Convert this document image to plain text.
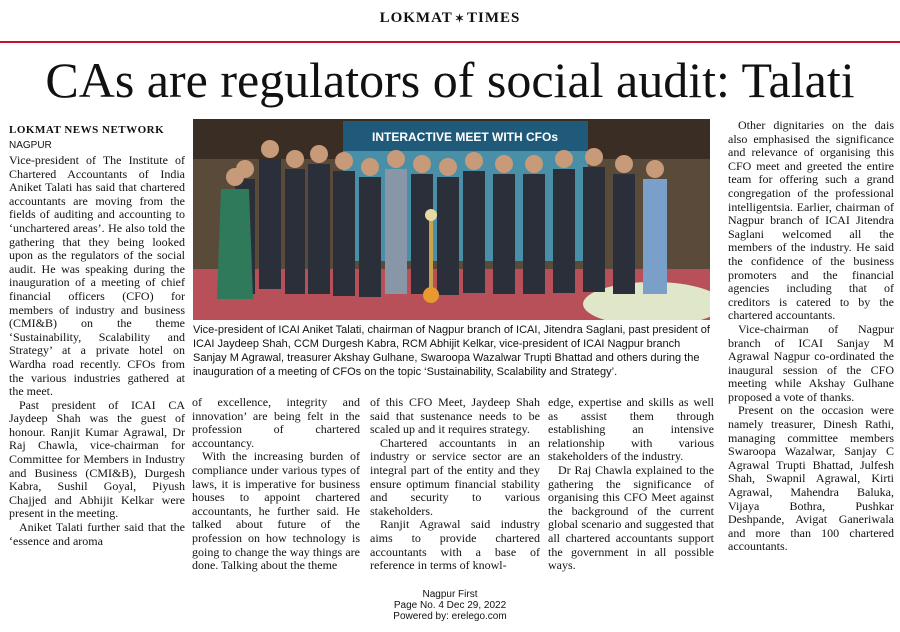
LOKMAT ✶ TIMES
CAs are regulators of social audit: Talati
LOKMAT NEWS NETWORK
NAGPUR

Vice-president of The Institute of Chartered Accountants of India Aniket Talati has said that chartered accountants are moving from the fields of auditing and accounting to ‘unchartered areas’. He also told the gathering that they being looked upon as the regulators of the social audit. He was speaking during the inauguration of a meeting of chief financial officers (CFO) for members of industry and business (CMI&B) on the theme ‘Sustainability, Scalability and Strategy’ at a private hotel on Wardha road recently. CFOs from the various industries gathered at the meet.

Past president of ICAI CA Jaydeep Shah was the guest of honour. Ranjit Kumar Agrawal, Dr Raj Chawla, vice-chairman for Committee for Members in Industry and Business (CMI&B), Durgesh Kabra, Sushil Goyal, Piyush Chajjed and Abhijit Kelkar were present in the meeting.

Aniket Talati further said that the ‘essence and aroma

INTERACTIVE MEET WITH CFOs
Vice-president of ICAI Aniket Talati, chairman of Nagpur branch of ICAI, Jitendra Saglani, past president of ICAI Jaydeep Shah, CCM Durgesh Kabra, RCM Abhijit Kelkar, vice-president of ICAI Nagpur branch Sanjay M Agrawal, treasurer Akshay Gulhane, Swaroopa Wazalwar Trupti Bhattad and others during the inauguration of a meeting of CFOs on the topic ‘Sustainability, Scalability and Strategy’.

of excellence, integrity and innovation’ are being felt in the profession of chartered accountancy.

With the increasing burden of compliance under various types of laws, it is imperative for business houses to appoint chartered accountants, he further said. He talked about future of the profession on how technology is going to change the way things are done. Talking about the theme

of this CFO Meet, Jaydeep Shah said that sustenance needs to be scaled up and it requires strategy.

Chartered accountants in an industry or service sector are an integral part of the entity and they ensure optimum financial stability and security to various stakeholders.

Ranjit Agrawal said industry aims to provide chartered accountants with a base of reference in terms of knowl-

edge, expertise and skills as well as assist them through establishing an intensive relationship with various stakeholders of the industry.

Dr Raj Chawla explained to the gathering the significance of organising this CFO Meet against the background of the current global scenario and suggested that all chartered accountants support the government in all possible ways.

Other dignitaries on the dais also emphasised the significance and relevance of organising this CFO meet and greeted the entire team for offering such a grand congregation of the professional intelligentsia. Earlier, chairman of Nagpur branch of ICAI Jitendra Saglani welcomed all the members of the industry. He said the confidence of the business promoters and the financial agencies including that of creditors is catered to by the chartered accountants.

Vice-chairman of Nagpur branch of ICAI Sanjay M Agrawal Nagpur co-ordinated the inaugural session of the CFO meeting while Akshay Gulhane proposed a vote of thanks.

Present on the occasion were namely treasurer, Dinesh Rathi, managing committee members Swaroopa Wazalwar, Sanjay C Agrawal Trupti Bhattad, Julfesh Shah, Swapnil Agrawal, Kirti Agrawal, Mahendra Baluka, Vijaya Bothra, Pushkar Deshpande, Avigat Ganeriwala and more than 100 chartered accountants.

Nagpur First
Page No. 4 Dec 29, 2022
Powered by: erelego.com
